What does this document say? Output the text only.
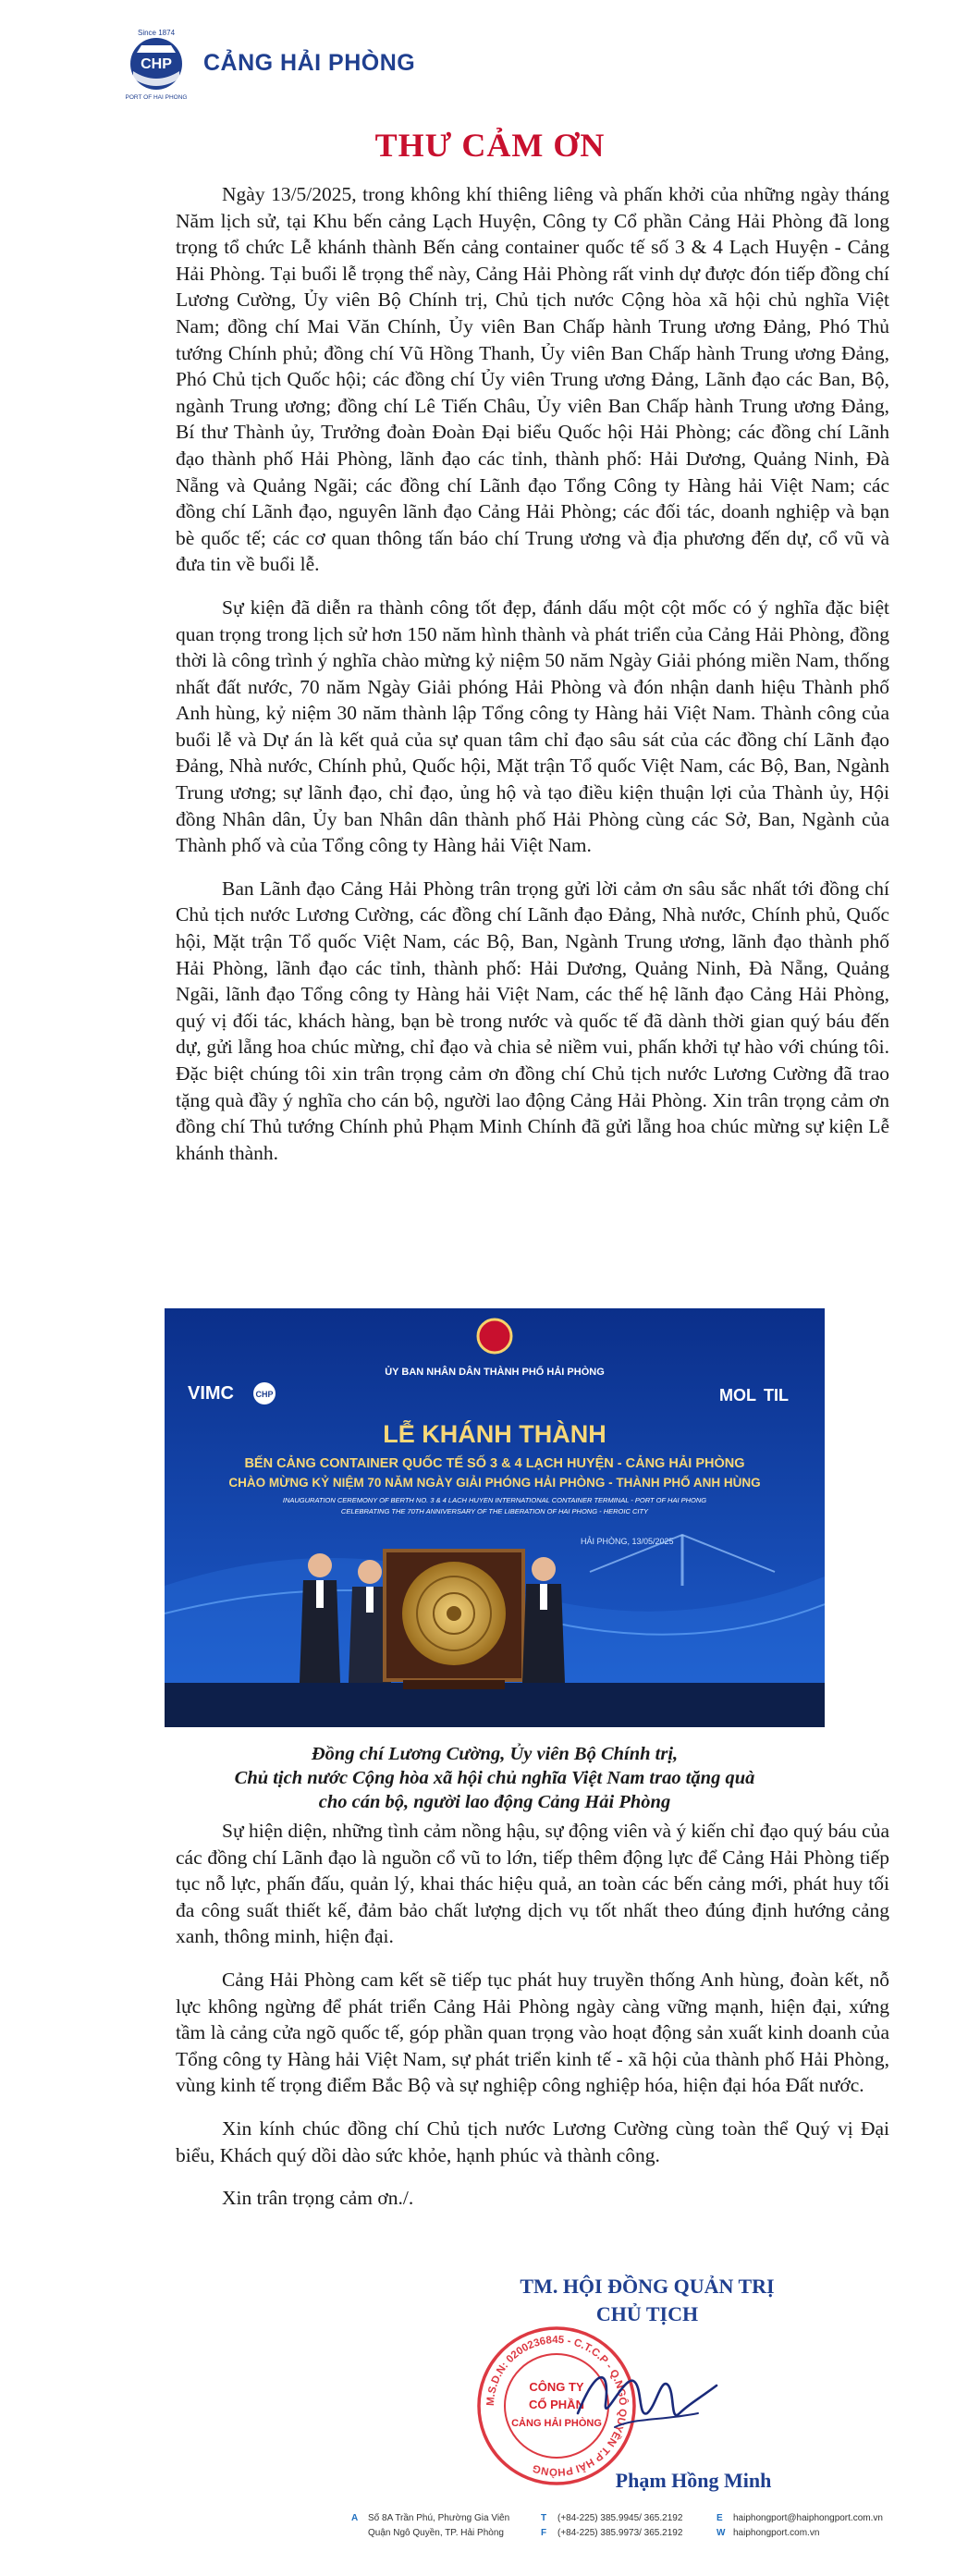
Since 1874
CHP
PORT OF HAI PHONG
CẢNG HẢI PHÒNG
THƯ CẢM ƠN

Ngày 13/5/2025, trong không khí thiêng liêng và phấn khởi của những ngày tháng Năm lịch sử, tại Khu bến cảng Lạch Huyện, Công ty Cổ phần Cảng Hải Phòng đã long trọng tổ chức Lễ khánh thành Bến cảng container quốc tế số 3 & 4 Lạch Huyện - Cảng Hải Phòng. Tại buổi lễ trọng thể này, Cảng Hải Phòng rất vinh dự được đón tiếp đồng chí Lương Cường, Ủy viên Bộ Chính trị, Chủ tịch nước Cộng hòa xã hội chủ nghĩa Việt Nam; đồng chí Mai Văn Chính, Ủy viên Ban Chấp hành Trung ương Đảng, Phó Thủ tướng Chính phủ; đồng chí Vũ Hồng Thanh, Ủy viên Ban Chấp hành Trung ương Đảng, Phó Chủ tịch Quốc hội; các đồng chí Ủy viên Trung ương Đảng, Lãnh đạo các Ban, Bộ, ngành Trung ương; đồng chí Lê Tiến Châu, Ủy viên Ban Chấp hành Trung ương Đảng, Bí thư Thành ủy, Trưởng đoàn Đoàn Đại biểu Quốc hội Hải Phòng; các đồng chí Lãnh đạo thành phố Hải Phòng, lãnh đạo các tỉnh, thành phố: Hải Dương, Quảng Ninh, Đà Nẵng và Quảng Ngãi; các đồng chí Lãnh đạo Tổng Công ty Hàng hải Việt Nam; các đồng chí Lãnh đạo, nguyên lãnh đạo Cảng Hải Phòng; các đối tác, doanh nghiệp và bạn bè quốc tế; các cơ quan thông tấn báo chí Trung ương và địa phương đến dự, cổ vũ và đưa tin về buổi lễ.

Sự kiện đã diễn ra thành công tốt đẹp, đánh dấu một cột mốc có ý nghĩa đặc biệt quan trọng trong lịch sử hơn 150 năm hình thành và phát triển của Cảng Hải Phòng, đồng thời là công trình ý nghĩa chào mừng kỷ niệm 50 năm Ngày Giải phóng miền Nam, thống nhất đất nước, 70 năm Ngày Giải phóng Hải Phòng và đón nhận danh hiệu Thành phố Anh hùng, kỷ niệm 30 năm thành lập Tổng công ty Hàng hải Việt Nam. Thành công của buổi lễ và Dự án là kết quả của sự quan tâm chỉ đạo sâu sát của các đồng chí Lãnh đạo Đảng, Nhà nước, Chính phủ, Quốc hội, Mặt trận Tổ quốc Việt Nam, các Bộ, Ban, Ngành Trung ương; sự lãnh đạo, chỉ đạo, ủng hộ và tạo điều kiện thuận lợi của Thành ủy, Hội đồng Nhân dân, Ủy ban Nhân dân thành phố Hải Phòng cùng các Sở, Ban, Ngành của Thành phố và của Tổng công ty Hàng hải Việt Nam.

Ban Lãnh đạo Cảng Hải Phòng trân trọng gửi lời cảm ơn sâu sắc nhất tới đồng chí Chủ tịch nước Lương Cường, các đồng chí Lãnh đạo Đảng, Nhà nước, Chính phủ, Quốc hội, Mặt trận Tổ quốc Việt Nam, các Bộ, Ban, Ngành Trung ương, lãnh đạo thành phố Hải Phòng, lãnh đạo các tỉnh, thành phố: Hải Dương, Quảng Ninh, Đà Nẵng, Quảng Ngãi, lãnh đạo Tổng công ty Hàng hải Việt Nam, các thế hệ lãnh đạo Cảng Hải Phòng, quý vị đối tác, khách hàng, bạn bè trong nước và quốc tế đã dành thời gian quý báu đến dự, gửi lẵng hoa chúc mừng, chỉ đạo và chia sẻ niềm vui, phấn khởi tự hào với chúng tôi. Đặc biệt chúng tôi xin trân trọng cảm ơn đồng chí Chủ tịch nước Lương Cường đã trao tặng quà đầy ý nghĩa cho cán bộ, người lao động Cảng Hải Phòng. Xin trân trọng cảm ơn đồng chí Thủ tướng Chính phủ Phạm Minh Chính đã gửi lẵng hoa chúc mừng sự kiện Lễ khánh thành.

ỦY BAN NHÂN DÂN THÀNH PHỐ HẢI PHÒNG
VIMC	CHP	MOL TIL
LỄ KHÁNH THÀNH
BẾN CẢNG CONTAINER QUỐC TẾ SỐ 3 & 4 LẠCH HUYỆN - CẢNG HẢI PHÒNG
CHÀO MỪNG KỶ NIỆM 70 NĂM NGÀY GIẢI PHÓNG HẢI PHÒNG - THÀNH PHỐ ANH HÙNG
INAUGURATION CEREMONY OF BERTH NO. 3 & 4 LACH HUYEN INTERNATIONAL CONTAINER TERMINAL - PORT OF HAI PHONG
CELEBRATING THE 70TH ANNIVERSARY OF THE LIBERATION OF HAI PHONG - HEROIC CITY
HẢI PHÒNG, 13/05/2025
Đồng chí Lương Cường, Ủy viên Bộ Chính trị,
Chủ tịch nước Cộng hòa xã hội chủ nghĩa Việt Nam trao tặng quà
cho cán bộ, người lao động Cảng Hải Phòng

Sự hiện diện, những tình cảm nồng hậu, sự động viên và ý kiến chỉ đạo quý báu của các đồng chí Lãnh đạo là nguồn cổ vũ to lớn, tiếp thêm động lực để Cảng Hải Phòng tiếp tục nỗ lực, phấn đấu, quản lý, khai thác hiệu quả, an toàn các bến cảng mới, phát huy tối đa công suất thiết kế, đảm bảo chất lượng dịch vụ tốt nhất theo đúng định hướng cảng xanh, thông minh, hiện đại.

Cảng Hải Phòng cam kết sẽ tiếp tục phát huy truyền thống Anh hùng, đoàn kết, nỗ lực không ngừng để phát triển Cảng Hải Phòng ngày càng vững mạnh, hiện đại, xứng tầm là cảng cửa ngõ quốc tế, góp phần quan trọng vào hoạt động sản xuất kinh doanh của Tổng công ty Hàng hải Việt Nam, sự phát triển kinh tế - xã hội của thành phố Hải Phòng, vùng kinh tế trọng điểm Bắc Bộ và sự nghiệp công nghiệp hóa, hiện đại hóa Đất nước.

Xin kính chúc đồng chí Chủ tịch nước Lương Cường cùng toàn thể Quý vị Đại biểu, Khách quý dồi dào sức khỏe, hạnh phúc và thành công.

Xin trân trọng cảm ơn./.

TM. HỘI ĐỒNG QUẢN TRỊ
CHỦ TỊCH
M.S.D.N: 0200236845 - C.T.C.P - Q.NGÔ QUYỀN T.P HẢI PHÒNG
CÔNG TY
CỔ PHẦN
CẢNG HẢI PHÒNG
Phạm Hồng Minh
A Số 8A Trần Phú, Phường Gia Viên
Quận Ngô Quyền, TP. Hải Phòng
T (+84-225) 385.9945/ 365.2192
F (+84-225) 385.9973/ 365.2192
E haiphongport@haiphongport.com.vn
W haiphongport.com.vn
